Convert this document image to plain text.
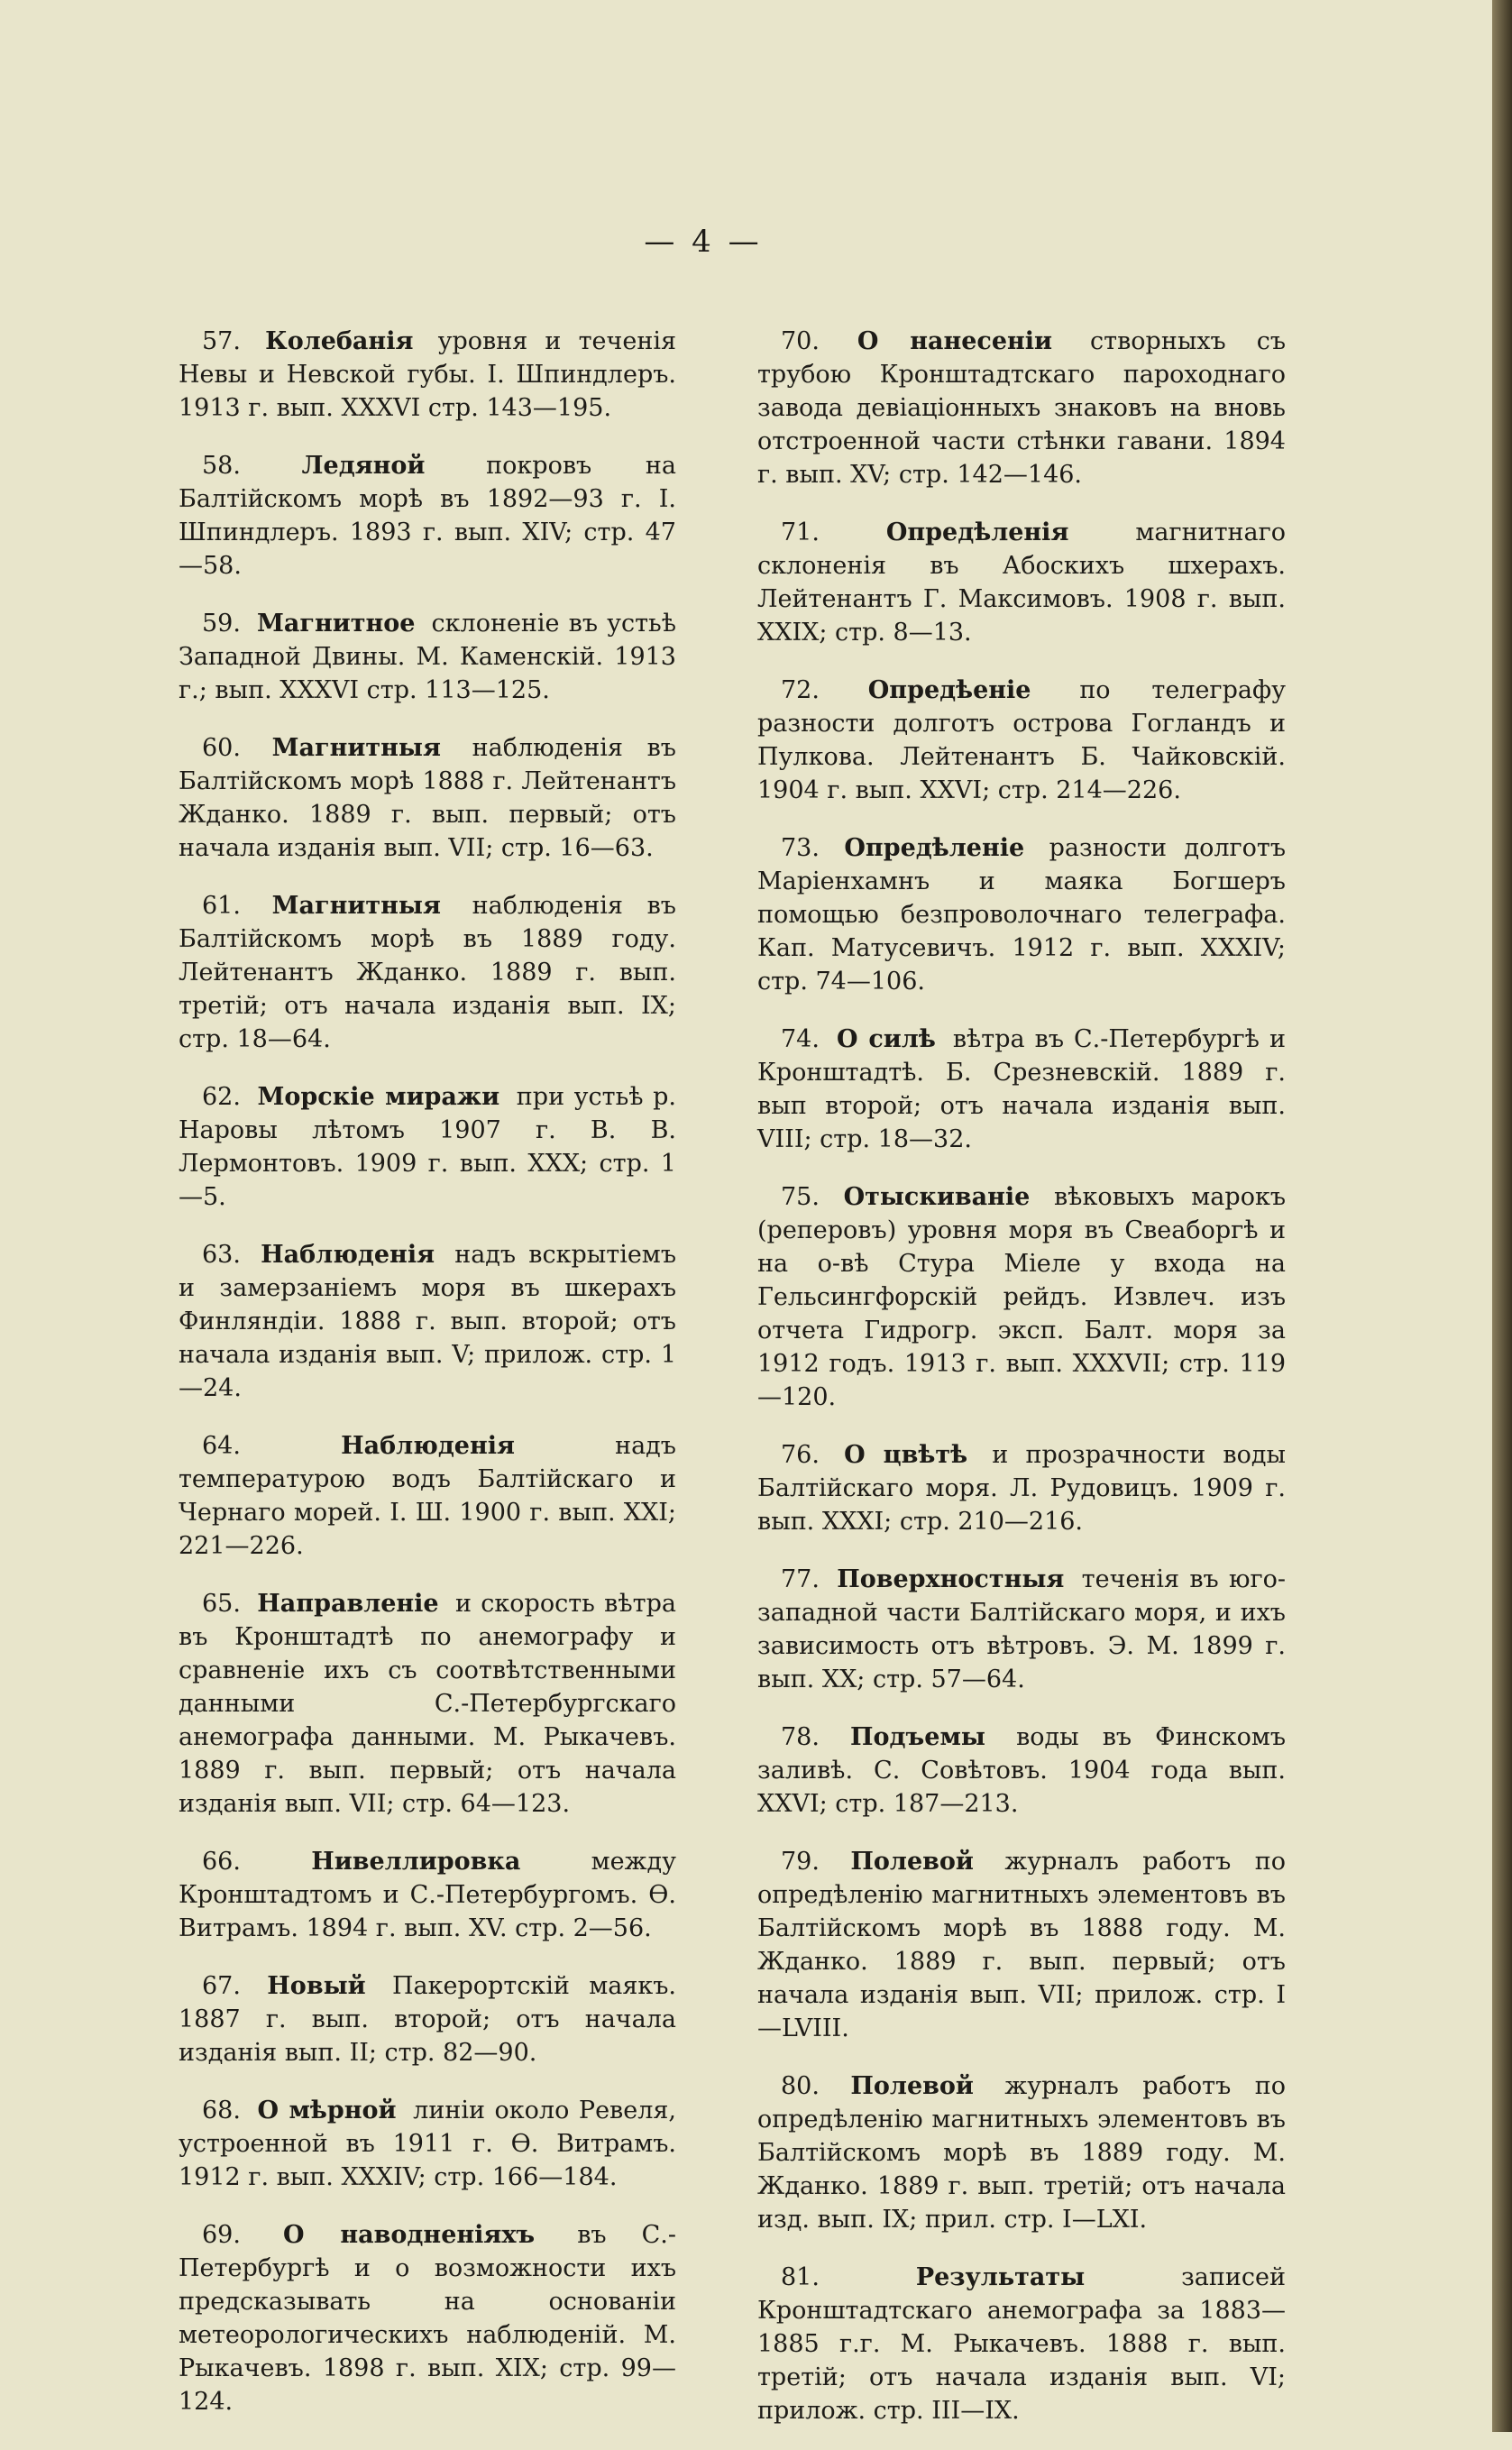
— 4 —

57. Колебанія уровня и теченія Невы и Невской губы. І. Шпиндлеръ. 1913 г. вып. XXXVI стр. 143—195.

58.	Ледяной	покровъ на Балтійскомъ морѣ въ 1892—93 г. І. Шпиндлеръ. 1893 г. вып. XIV; стр. 47—58.

59. Магнитное склоненіе въ устьѣ Западной Двины. М. Каменскій. 1913 г.; вып. XXXVI стр. 113—125.

60. Магнитныя наблюденія въ Балтійскомъ морѣ 1888 г. Лейтенантъ Жданко. 1889 г. вып. первый; отъ начала изданія вып. VII; стр. 16—63.

61. Магнитныя наблюденія въ Балтійскомъ морѣ въ 1889 году. Лейтенантъ Жданко. 1889 г. вып. третій; отъ начала изданія вып. IX; стр. 18—64.

62. Морскіе миражи при устьѣ р. Наровы лѣтомъ 1907 г. В. В. Лермонтовъ. 1909 г. вып. XXX; стр. 1—5.

63. Наблюденія надъ вскрытіемъ и замерзаніемъ моря въ шкерахъ Финляндіи. 1888 г. вып. второй; отъ начала изданія вып. V; прилож. стр. 1—24.

64.	Наблюденія	надъ температурою водъ Балтійскаго и Чернаго морей. І. Ш. 1900 г. вып. XXI; 221—226.

65. Направленіе и скорость вѣтра въ Кронштадтѣ по анемографу и сравненіе ихъ съ соотвѣтственными данными С.-Петербургскаго анемографа данными. М. Рыкачевъ. 1889 г. вып. первый; отъ начала изданія вып. VII; стр. 64—123.

66.	Нивеллировка	между Кронштадтомъ и С.-Петербургомъ. Ѳ. Витрамъ. 1894 г. вып. XV. стр. 2—56.

67. Новый Пакерортскій маякъ. 1887 г. вып. второй; отъ начала изданія вып. II; стр. 82—90.

68. О мѣрной линіи около Ревеля, устроенной въ 1911 г. Ѳ. Витрамъ. 1912 г. вып. XXXIV; стр. 166—184.

69. О наводненіяхъ въ С.-Петербургѣ и о возможности ихъ предсказывать на основаніи метеорологическихъ наблюденій. М. Рыкачевъ. 1898 г. вып. XIX; стр. 99—124.

70. О нанесеніи створныхъ съ трубою Кронштадтскаго пароходнаго завода девіаціонныхъ знаковъ на вновь отстроенной части стѣнки гавани. 1894 г. вып. XV; стр. 142—146.

71.	Опредѣленія	магнитнаго склоненія въ Абоскихъ шхерахъ. Лейтенантъ Г. Максимовъ. 1908 г. вып. XXIX; стр. 8—13.

72. Опредѣеніе по телеграфу разности долготъ острова Гогландъ и Пулкова. Лейтенантъ Б. Чайковскій. 1904 г. вып. XXVI; стр. 214—226.

73. Опредѣленіе разности долготъ Маріенхамнъ и маяка Богшеръ помощью безпроволочнаго телеграфа. Кап. Матусевичъ. 1912 г. вып. XXXIV; стр. 74—106.

74. О силѣ вѣтра въ С.-Петербургѣ и Кронштадтѣ. Б. Срезневскій. 1889 г. вып второй; отъ начала изданія вып. VIII; стр. 18—32.

75. Отыскиваніе вѣковыхъ марокъ (реперовъ) уровня моря въ Свеаборгѣ и на о-вѣ Стура Міеле у входа на Гельсингфорскій рейдъ. Извлеч. изъ отчета Гидрогр. эксп. Балт. моря за 1912 годъ. 1913 г. вып. XXXVII; стр. 119—120.

76. О цвѣтѣ и прозрачности воды Балтійскаго моря. Л. Рудовицъ. 1909 г. вып. XXXI; стр. 210—216.

77. Поверхностныя теченія въ юго-западной части Балтійскаго моря, и ихъ зависимость отъ вѣтровъ. Э. М. 1899 г. вып. XX; стр. 57—64.

78. Подъемы воды въ Финскомъ заливѣ. С. Совѣтовъ. 1904 года вып. XXVI; стр. 187—213.

79. Полевой журналъ работъ по опредѣленію магнитныхъ элементовъ въ Балтійскомъ морѣ въ 1888 году. М. Жданко. 1889 г. вып. первый; отъ начала изданія вып. VII; прилож. стр. I—LVIII.

80. Полевой журналъ работъ по опредѣленію магнитныхъ элементовъ въ Балтійскомъ морѣ въ 1889 году. М. Жданко. 1889 г. вып. третій; отъ начала изд. вып. IX; прил. стр. I—LXI.

81.	Результаты	записей Кронштадтскаго анемографа за 1883—1885 г.г. М. Рыкачевъ. 1888 г. вып. третій; отъ начала изданія вып. VI; прилож. стр. III—IX.
